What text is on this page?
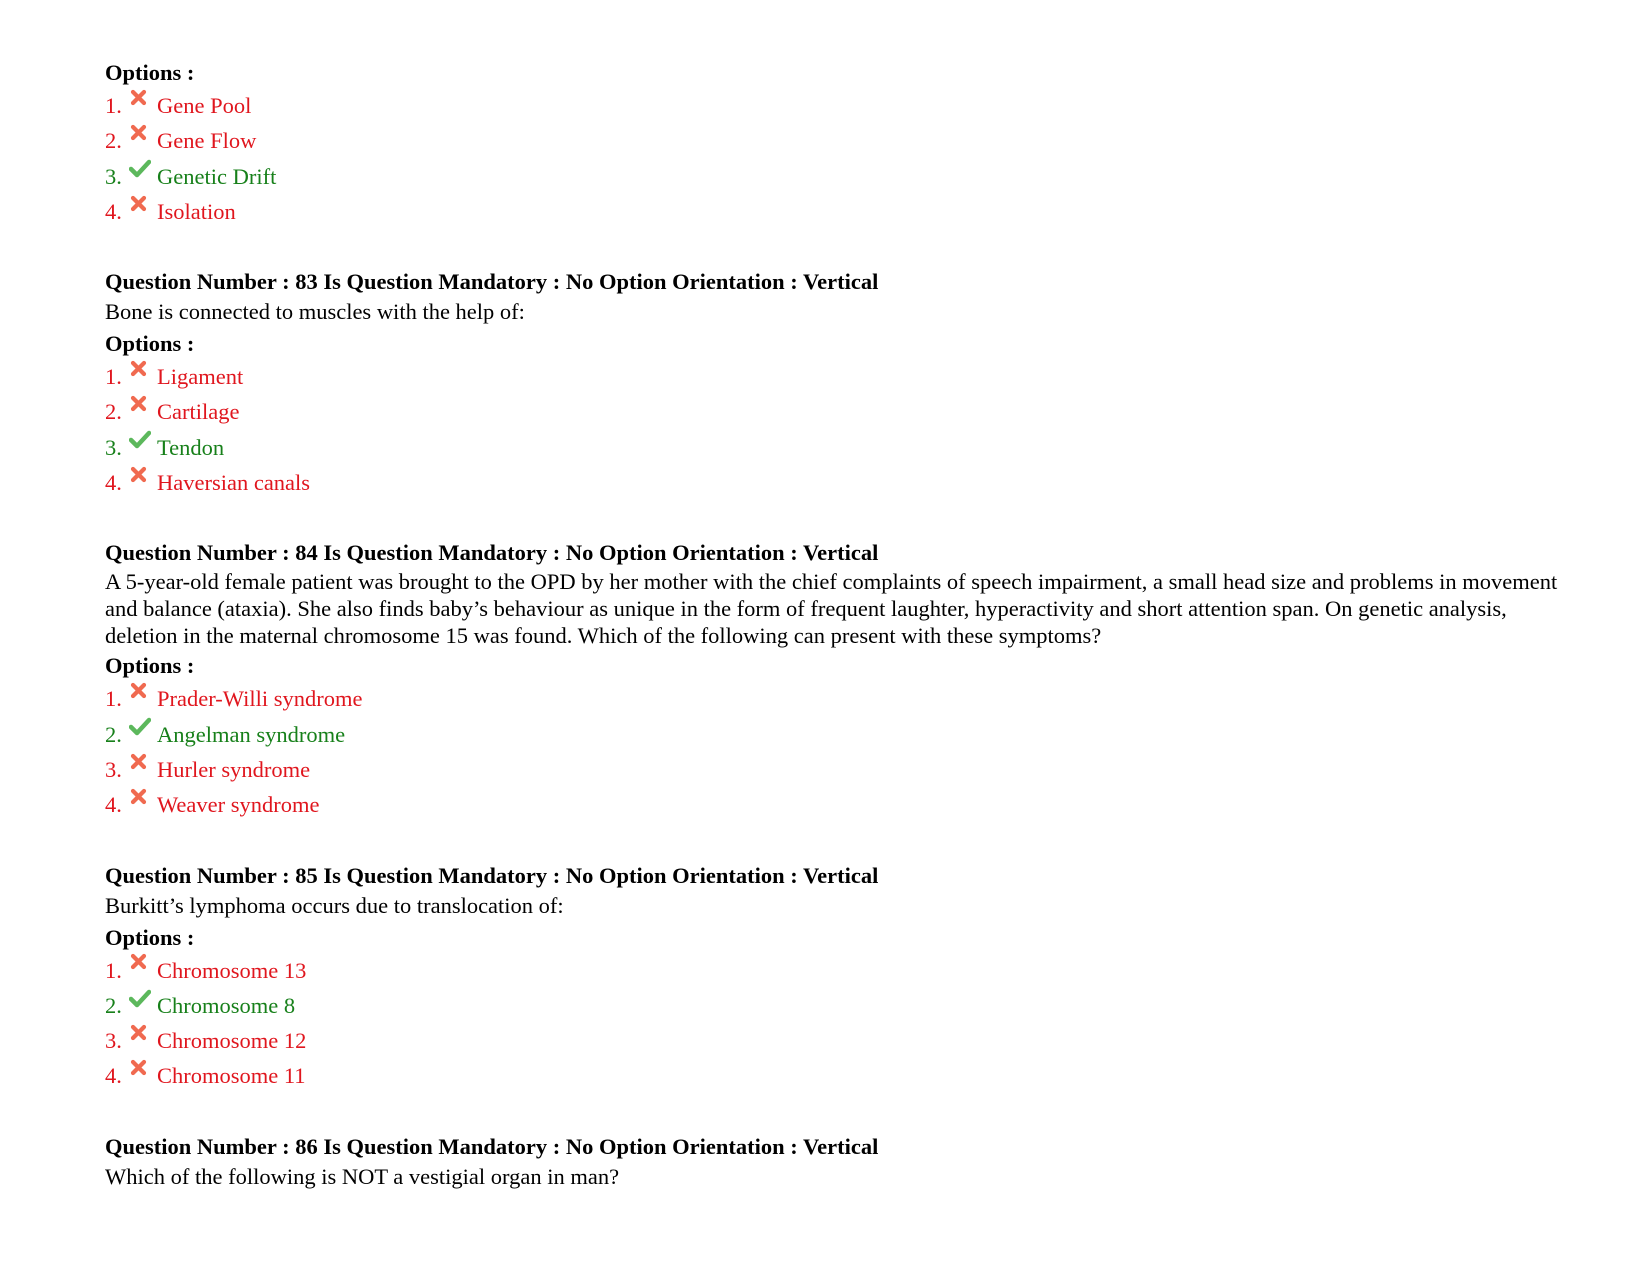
Options :

1.	Gene Pool
2.	Gene Flow
3.	Genetic Drift
4.	Isolation

Question Number : 83 Is Question Mandatory : No Option Orientation : Vertical

Bone is connected to muscles with the help of:

Options :

1.	Ligament
2.	Cartilage
3.	Tendon
4.	Haversian canals

Question Number : 84 Is Question Mandatory : No Option Orientation : Vertical

A 5-year-old female patient was brought to the OPD by her mother with the chief complaints of speech impairment, a small head size and problems in movement and balance (ataxia). She also finds baby’s behaviour as unique in the form of frequent laughter, hyperactivity and short attention span. On genetic analysis, deletion in the maternal chromosome 15 was found. Which of the following can present with these symptoms?

Options :

1.	Prader-Willi syndrome
2.	Angelman syndrome
3.	Hurler syndrome
4.	Weaver syndrome

Question Number : 85 Is Question Mandatory : No Option Orientation : Vertical

Burkitt’s lymphoma occurs due to translocation of:

Options :

1.	Chromosome 13
2.	Chromosome 8
3.	Chromosome 12
4.	Chromosome 11

Question Number : 86 Is Question Mandatory : No Option Orientation : Vertical

Which of the following is NOT a vestigial organ in man?
